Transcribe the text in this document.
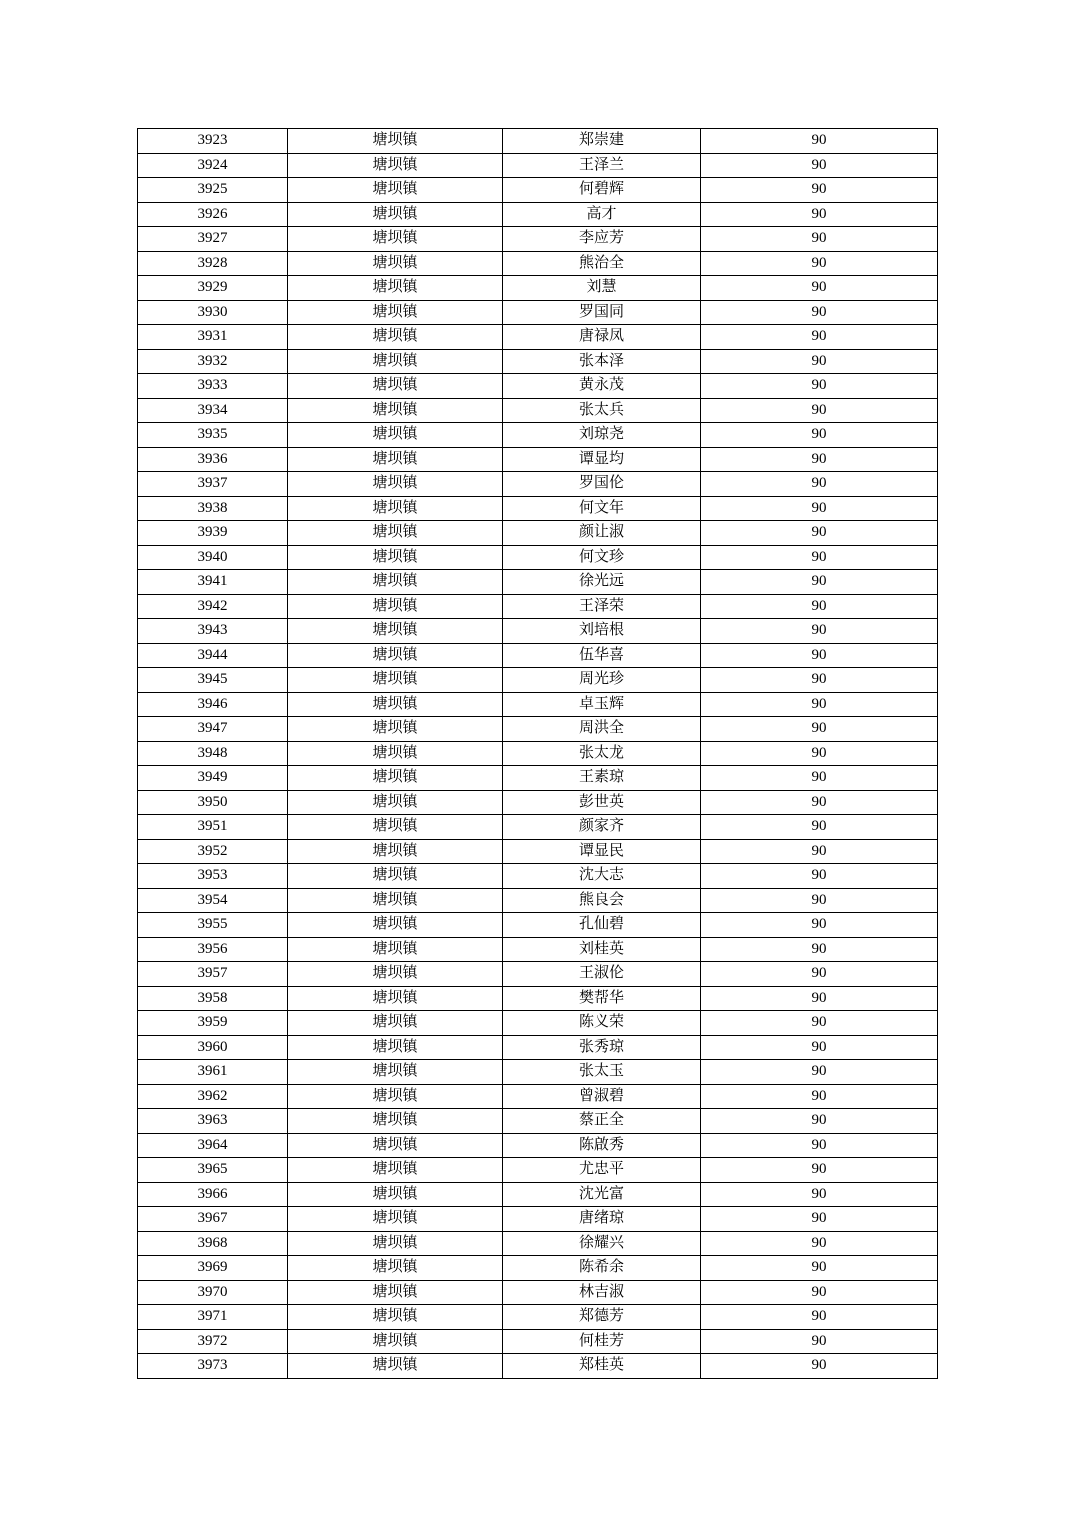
3923	塘坝镇	郑崇建	90
3924	塘坝镇	王泽兰	90
3925	塘坝镇	何碧辉	90
3926	塘坝镇	高才	90
3927	塘坝镇	李应芳	90
3928	塘坝镇	熊治全	90
3929	塘坝镇	刘慧	90
3930	塘坝镇	罗国同	90
3931	塘坝镇	唐禄凤	90
3932	塘坝镇	张本泽	90
3933	塘坝镇	黄永茂	90
3934	塘坝镇	张太兵	90
3935	塘坝镇	刘琼尧	90
3936	塘坝镇	谭显均	90
3937	塘坝镇	罗国伦	90
3938	塘坝镇	何文年	90
3939	塘坝镇	颜让淑	90
3940	塘坝镇	何文珍	90
3941	塘坝镇	徐光远	90
3942	塘坝镇	王泽荣	90
3943	塘坝镇	刘培根	90
3944	塘坝镇	伍华喜	90
3945	塘坝镇	周光珍	90
3946	塘坝镇	卓玉辉	90
3947	塘坝镇	周洪全	90
3948	塘坝镇	张太龙	90
3949	塘坝镇	王素琼	90
3950	塘坝镇	彭世英	90
3951	塘坝镇	颜家齐	90
3952	塘坝镇	谭显民	90
3953	塘坝镇	沈大志	90
3954	塘坝镇	熊良会	90
3955	塘坝镇	孔仙碧	90
3956	塘坝镇	刘桂英	90
3957	塘坝镇	王淑伦	90
3958	塘坝镇	樊帮华	90
3959	塘坝镇	陈义荣	90
3960	塘坝镇	张秀琼	90
3961	塘坝镇	张太玉	90
3962	塘坝镇	曾淑碧	90
3963	塘坝镇	蔡正全	90
3964	塘坝镇	陈啟秀	90
3965	塘坝镇	尤忠平	90
3966	塘坝镇	沈光富	90
3967	塘坝镇	唐绪琼	90
3968	塘坝镇	徐耀兴	90
3969	塘坝镇	陈希余	90
3970	塘坝镇	林吉淑	90
3971	塘坝镇	郑德芳	90
3972	塘坝镇	何桂芳	90
3973	塘坝镇	郑桂英	90
